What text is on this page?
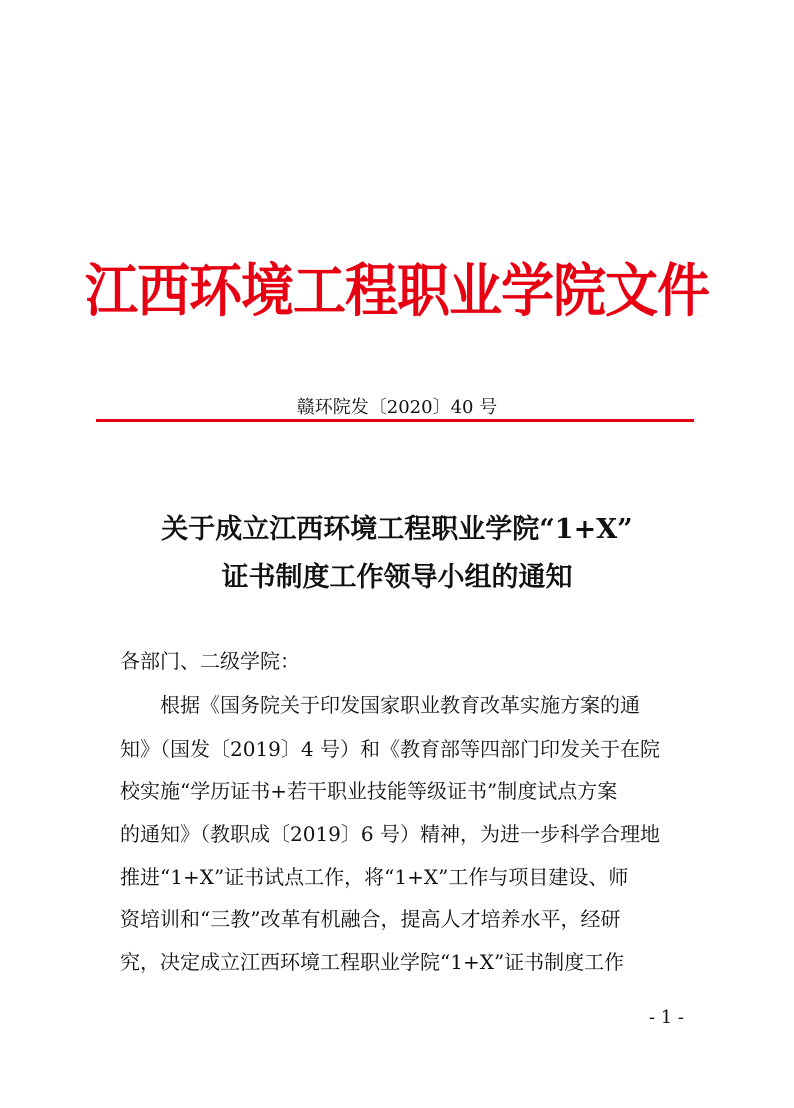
江西环境工程职业学院文件
赣环院发〔2020〕40 号
关于成立江西环境工程职业学院“1+X”
证书制度工作领导小组的通知
各部门、二级学院：
根据《国务院关于印发国家职业教育改革实施方案的通
知》（国发〔2019〕4 号）和《教育部等四部门印发关于在院
校实施“学历证书+若干职业技能等级证书”制度试点方案
的通知》（教职成〔2019〕6 号）精神，为进一步科学合理地
推进“1+X”证书试点工作，将“1+X”工作与项目建设、师
资培训和“三教”改革有机融合，提高人才培养水平，经研
究，决定成立江西环境工程职业学院“1+X”证书制度工作
- 1 -
